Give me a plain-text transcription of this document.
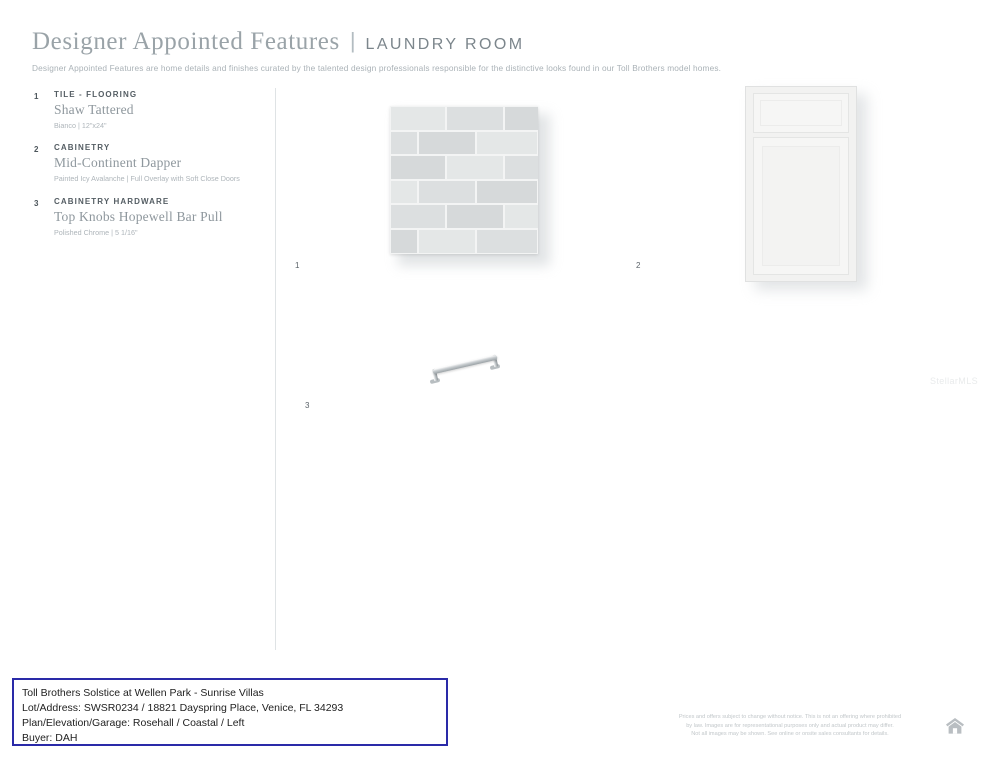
Designer Appointed Features | LAUNDRY ROOM
Designer Appointed Features are home details and finishes curated by the talented design professionals responsible for the distinctive looks found in our Toll Brothers model homes.
1 TILE - FLOORING
Shaw Tattered
Bianco | 12"x24"
2 CABINETRY
Mid-Continent Dapper
Painted Icy Avalanche | Full Overlay with Soft Close Doors
3 CABINETRY HARDWARE
Top Knobs Hopewell Bar Pull
Polished Chrome | 5 1/16"
1	2
3
StellarMLS
Toll Brothers Solstice at Wellen Park - Sunrise Villas
Lot/Address: SWSR0234 / 18821 Dayspring Place, Venice, FL 34293
Plan/Elevation/Garage: Rosehall / Coastal / Left
Buyer: DAH
Prices and offers subject to change without notice. This is not an offering where prohibited
by law. Images are for representational purposes only and actual product may differ.
Not all images may be shown. See online or onsite sales consultants for details.
